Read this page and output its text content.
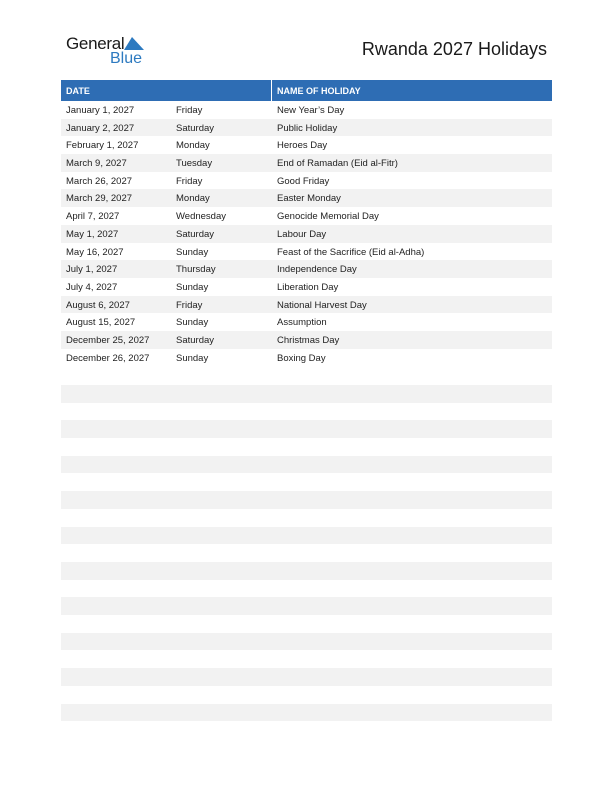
General
Blue	Rwanda 2027 Holidays
DATE	NAME OF HOLIDAY
January 1, 2027	Friday	New Year’s Day
January 2, 2027	Saturday	Public Holiday
February 1, 2027	Monday	Heroes Day
March 9, 2027	Tuesday	End of Ramadan (Eid al-Fitr)
March 26, 2027	Friday	Good Friday
March 29, 2027	Monday	Easter Monday
April 7, 2027	Wednesday	Genocide Memorial Day
May 1, 2027	Saturday	Labour Day
May 16, 2027	Sunday	Feast of the Sacrifice (Eid al-Adha)
July 1, 2027	Thursday	Independence Day
July 4, 2027	Sunday	Liberation Day
August 6, 2027	Friday	National Harvest Day
August 15, 2027	Sunday	Assumption
December 25, 2027	Saturday	Christmas Day
December 26, 2027	Sunday	Boxing Day
